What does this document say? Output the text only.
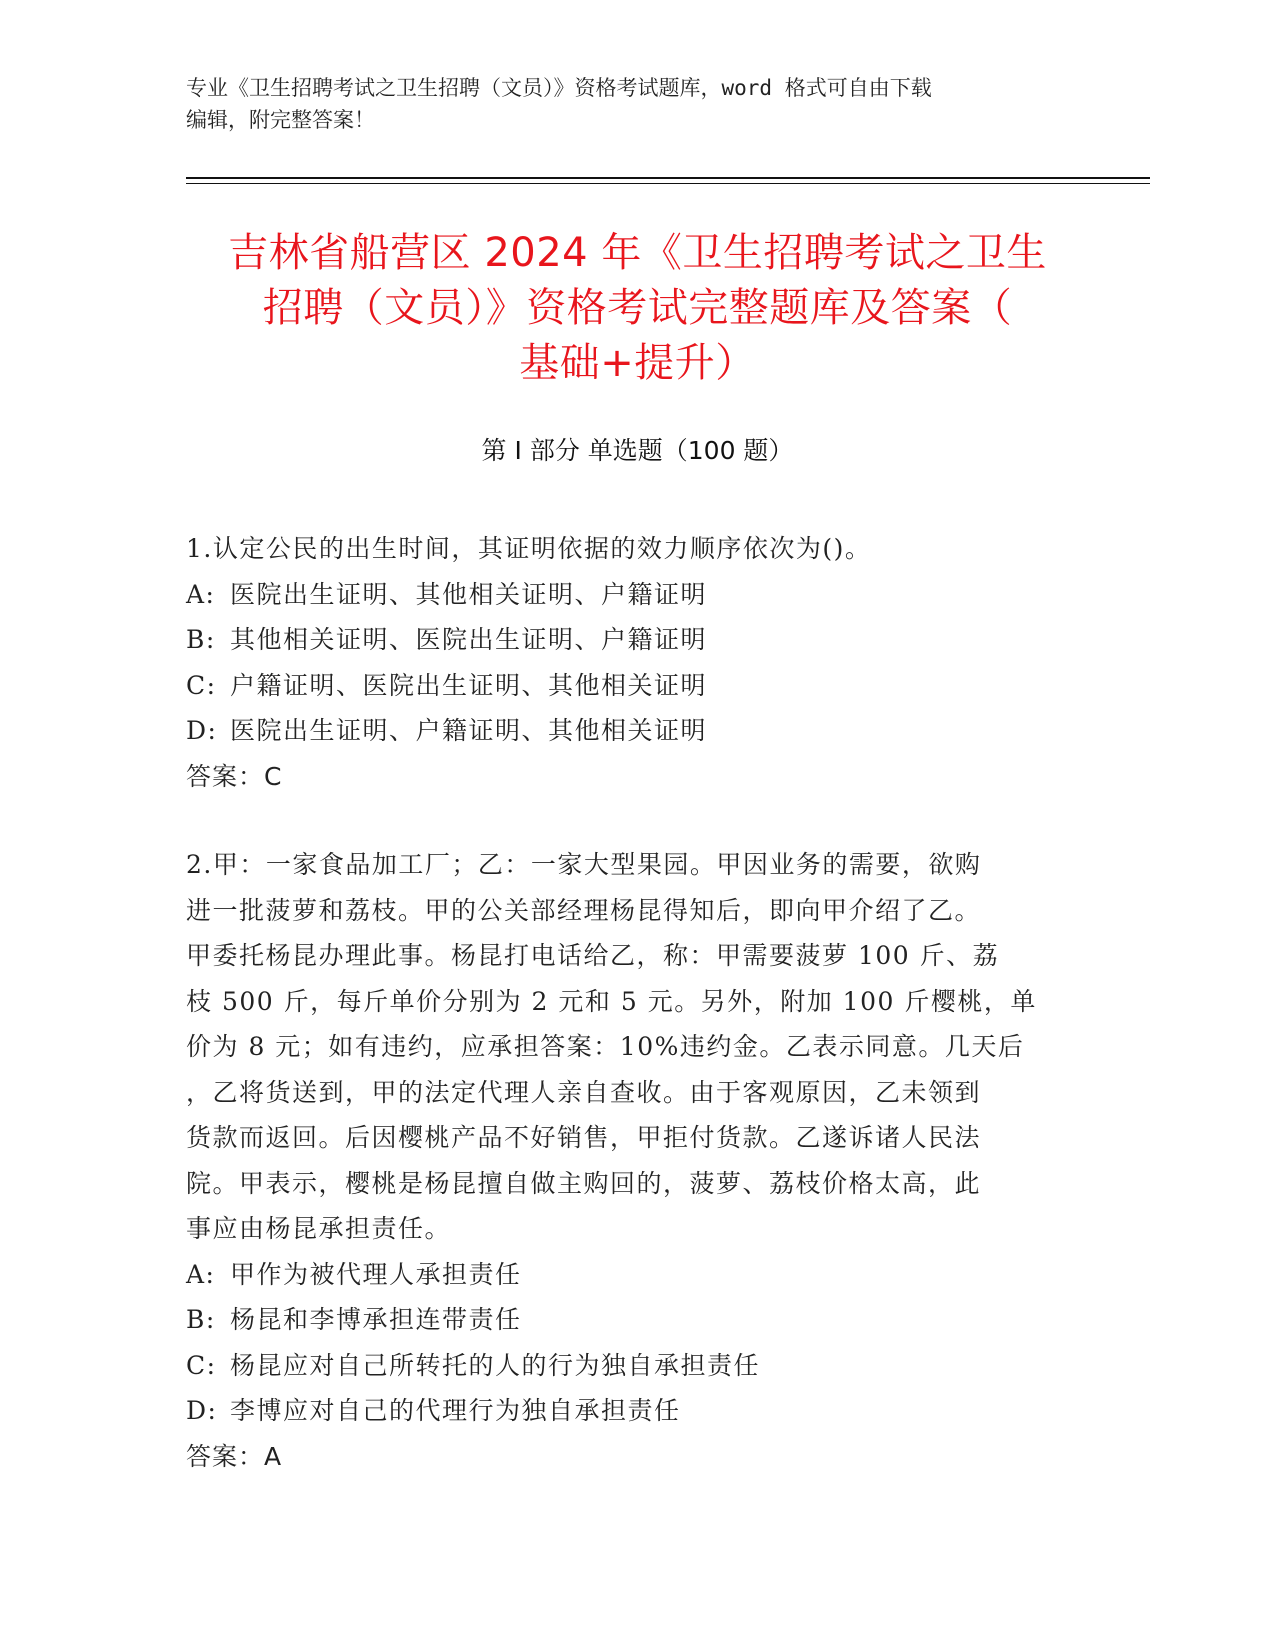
专业《卫生招聘考试之卫生招聘（文员）》资格考试题库，word 格式可自由下载
编辑，附完整答案！
吉林省船营区 2024 年《卫生招聘考试之卫生
招聘（文员）》资格考试完整题库及答案（
基础+提升）
第 I 部分 单选题（100 题）

1.认定公民的出生时间，其证明依据的效力顺序依次为()。

A: 医院出生证明、其他相关证明、户籍证明
B: 其他相关证明、医院出生证明、户籍证明
C: 户籍证明、医院出生证明、其他相关证明
D: 医院出生证明、户籍证明、其他相关证明
答案：C
2.甲：一家食品加工厂；乙：一家大型果园。甲因业务的需要，欲购
进一批菠萝和荔枝。甲的公关部经理杨昆得知后，即向甲介绍了乙。
甲委托杨昆办理此事。杨昆打电话给乙，称：甲需要菠萝 100 斤、荔
枝 500 斤，每斤单价分别为 2 元和 5 元。另外，附加 100 斤樱桃，单
价为 8 元；如有违约，应承担答案：10%违约金。乙表示同意。几天后
，乙将货送到，甲的法定代理人亲自查收。由于客观原因，乙未领到
货款而返回。后因樱桃产品不好销售，甲拒付货款。乙遂诉诸人民法
院。甲表示，樱桃是杨昆擅自做主购回的，菠萝、荔枝价格太高，此
事应由杨昆承担责任。
A: 甲作为被代理人承担责任
B: 杨昆和李博承担连带责任
C: 杨昆应对自己所转托的人的行为独自承担责任
D: 李博应对自己的代理行为独自承担责任
答案：A
